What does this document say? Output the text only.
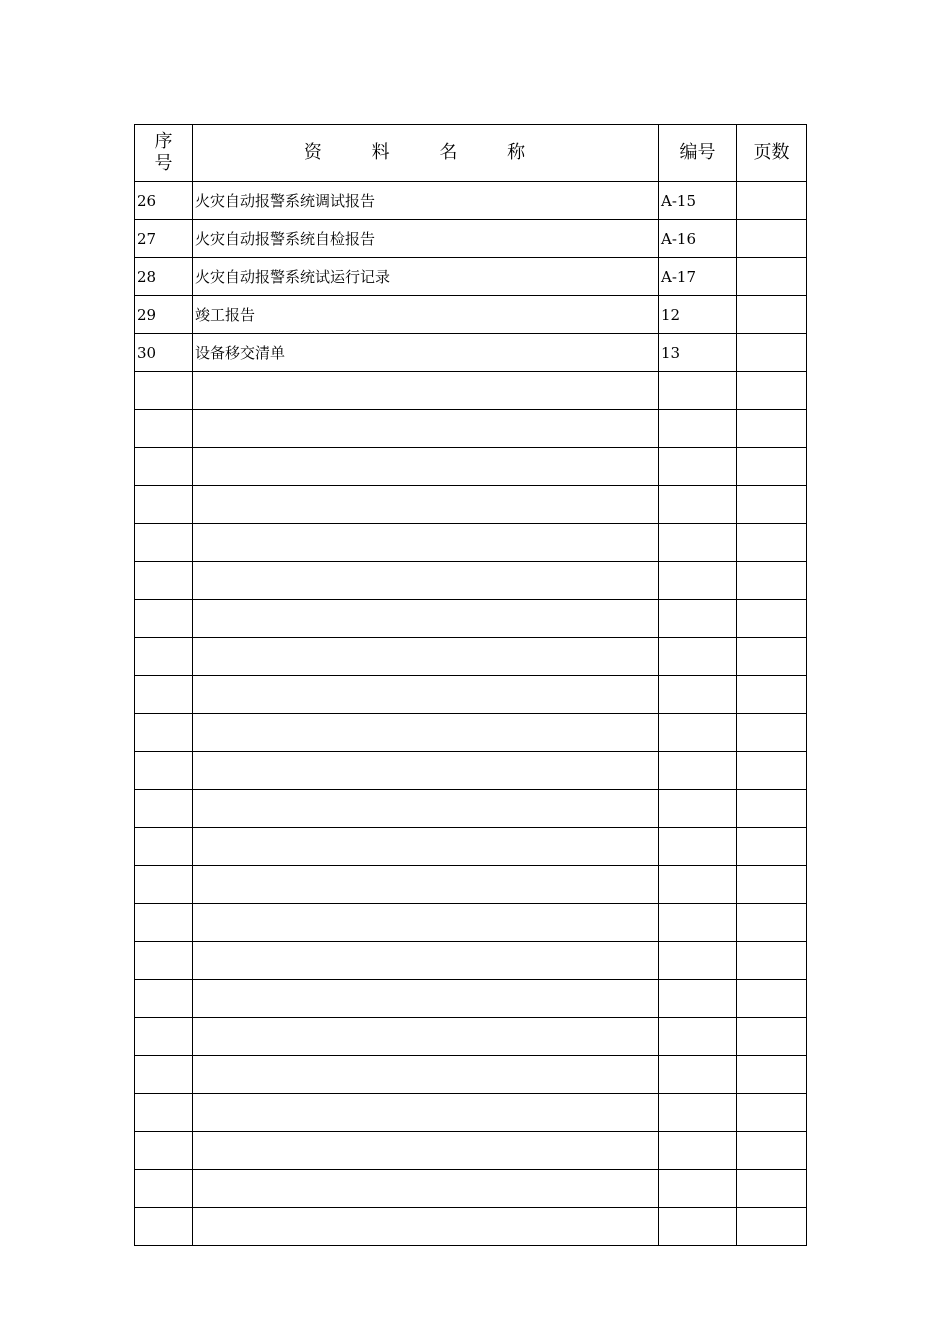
序
号	资 料 名 称	编号	页数
26	火灾自动报警系统调试报告	A-15	
27	火灾自动报警系统自检报告	A-16	
28	火灾自动报警系统试运行记录	A-17	
29	竣工报告	12	
30	设备移交清单	13	
